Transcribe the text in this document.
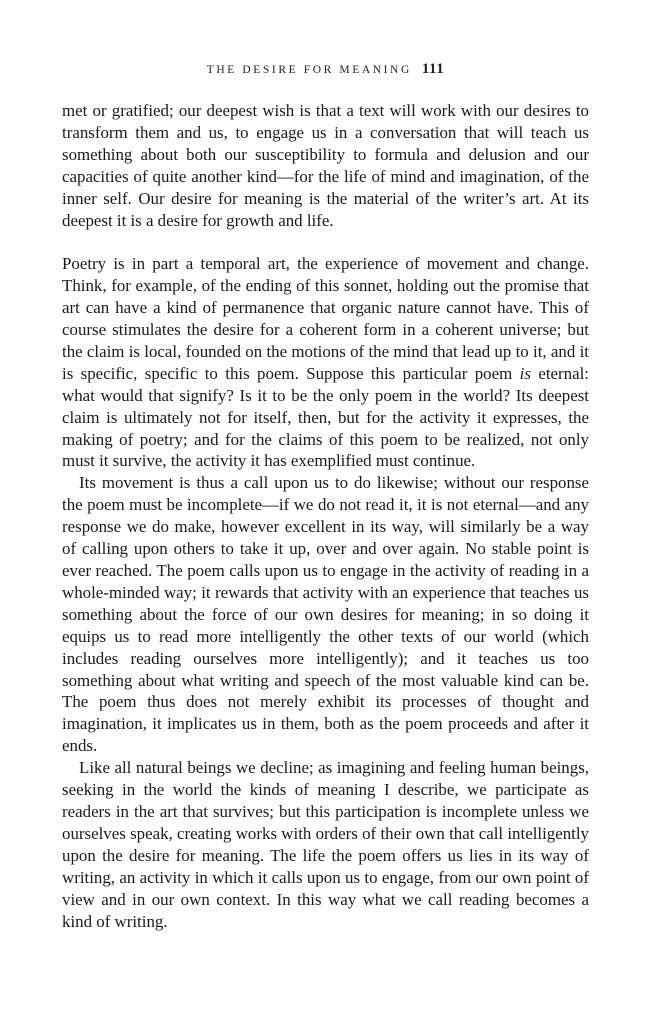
THE DESIRE FOR MEANING 111

met or gratified; our deepest wish is that a text will work with our desires to transform them and us, to engage us in a conversation that will teach us something about both our susceptibility to formula and delusion and our capacities of quite another kind—for the life of mind and imagination, of the inner self. Our desire for meaning is the material of the writer’s art. At its deepest it is a desire for growth and life.

Poetry is in part a temporal art, the experience of movement and change. Think, for example, of the ending of this sonnet, holding out the promise that art can have a kind of permanence that organic nature cannot have. This of course stimulates the desire for a coherent form in a coherent universe; but the claim is local, founded on the motions of the mind that lead up to it, and it is specific, specific to this poem. Suppose this particular poem is eternal: what would that signify? Is it to be the only poem in the world? Its deepest claim is ultimately not for itself, then, but for the activity it expresses, the making of poetry; and for the claims of this poem to be realized, not only must it survive, the activity it has exemplified must continue.

Its movement is thus a call upon us to do likewise; without our response the poem must be incomplete—if we do not read it, it is not eternal—and any response we do make, however excellent in its way, will similarly be a way of calling upon others to take it up, over and over again. No stable point is ever reached. The poem calls upon us to engage in the activity of reading in a whole-minded way; it rewards that activity with an experience that teaches us something about the force of our own desires for meaning; in so doing it equips us to read more intelligently the other texts of our world (which includes reading ourselves more intelligently); and it teaches us too something about what writing and speech of the most valuable kind can be. The poem thus does not merely exhibit its processes of thought and imagination, it implicates us in them, both as the poem proceeds and after it ends.

Like all natural beings we decline; as imagining and feeling human beings, seeking in the world the kinds of meaning I describe, we participate as readers in the art that survives; but this participation is incomplete unless we ourselves speak, creating works with orders of their own that call intelligently upon the desire for meaning. The life the poem offers us lies in its way of writing, an activity in which it calls upon us to engage, from our own point of view and in our own context. In this way what we call reading becomes a kind of writing.
